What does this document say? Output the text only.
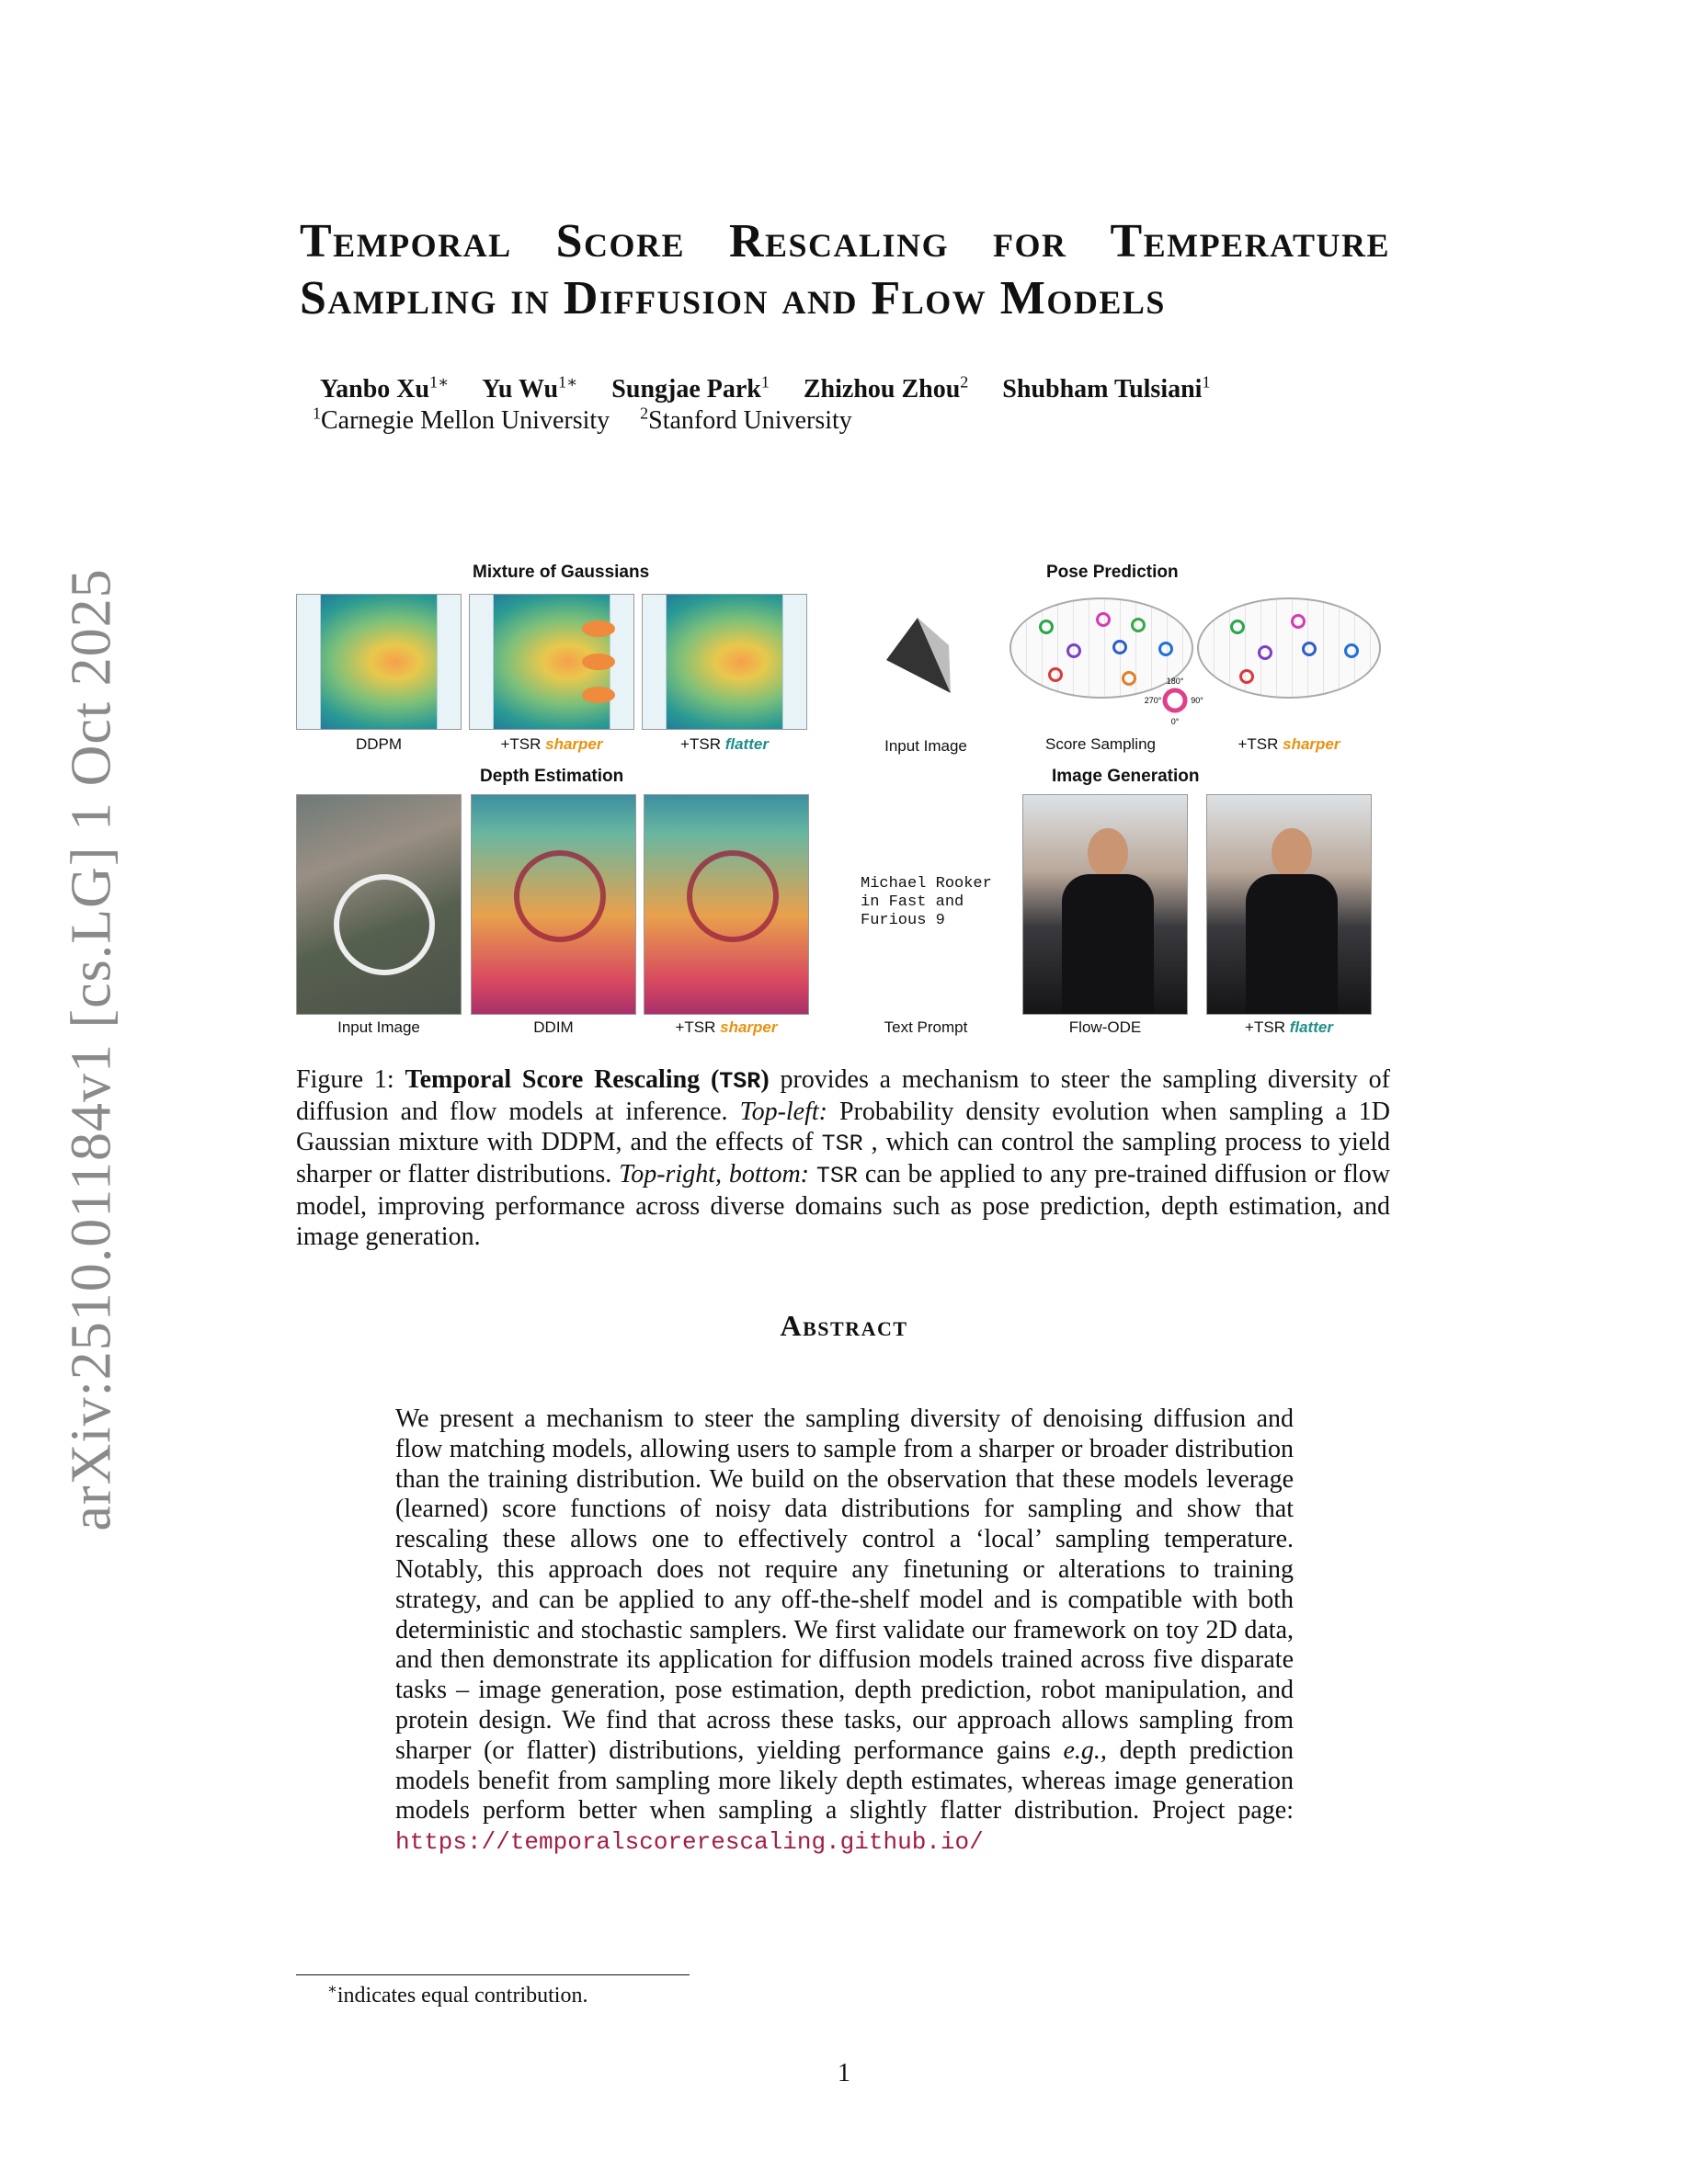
arXiv:2510.01184v1 [cs.LG] 1 Oct 2025
Temporal Score Rescaling for Temperature Sampling in Diffusion and Flow Models
Yanbo $Xu^{1∗}$ Yu $Wu^{1∗}$ Sungjae Park$^1$ Zhizhou Zhou$^2$ Shubham Tulsiani$^1$
$^1$Carnegie Mellon University $^2$Stanford University
Mixture of Gaussians
DDPM	+TSR sharper	+TSR flatter
Pose Prediction
180°
270°	90°
0°
Input Image	Score Sampling	+TSR sharper
Depth Estimation
Input Image	DDIM	+TSR sharper
Image Generation
Michael Rooker
in Fast and
Furious 9
Text Prompt	Flow-ODE	+TSR flatter

Figure 1: Temporal Score Rescaling (TSR) provides a mechanism to steer the sampling diversity of diffusion and flow models at inference. Top-left: Probability density evolution when sampling a 1D Gaussian mixture with DDPM, and the effects of TSR , which can control the sampling process to yield sharper or flatter distributions. Top-right, bottom: TSR can be applied to any pre-trained diffusion or flow model, improving performance across diverse domains such as pose prediction, depth estimation, and image generation.

Abstract

We present a mechanism to steer the sampling diversity of denoising diffusion and flow matching models, allowing users to sample from a sharper or broader distribution than the training distribution. We build on the observation that these models leverage (learned) score functions of noisy data distributions for sampling and show that rescaling these allows one to effectively control a ‘local’ sampling temperature. Notably, this approach does not require any finetuning or alterations to training strategy, and can be applied to any off-the-shelf model and is compatible with both deterministic and stochastic samplers. We first validate our framework on toy 2D data, and then demonstrate its application for diffusion models trained across five disparate tasks – image generation, pose estimation, depth prediction, robot manipulation, and protein design. We find that across these tasks, our approach allows sampling from sharper (or flatter) distributions, yielding performance gains e.g., depth prediction models benefit from sampling more likely depth estimates, whereas image generation models perform better when sampling a slightly flatter distribution. Project page: https://temporalscorerescaling.github.io/

∗indicates equal contribution.
1
